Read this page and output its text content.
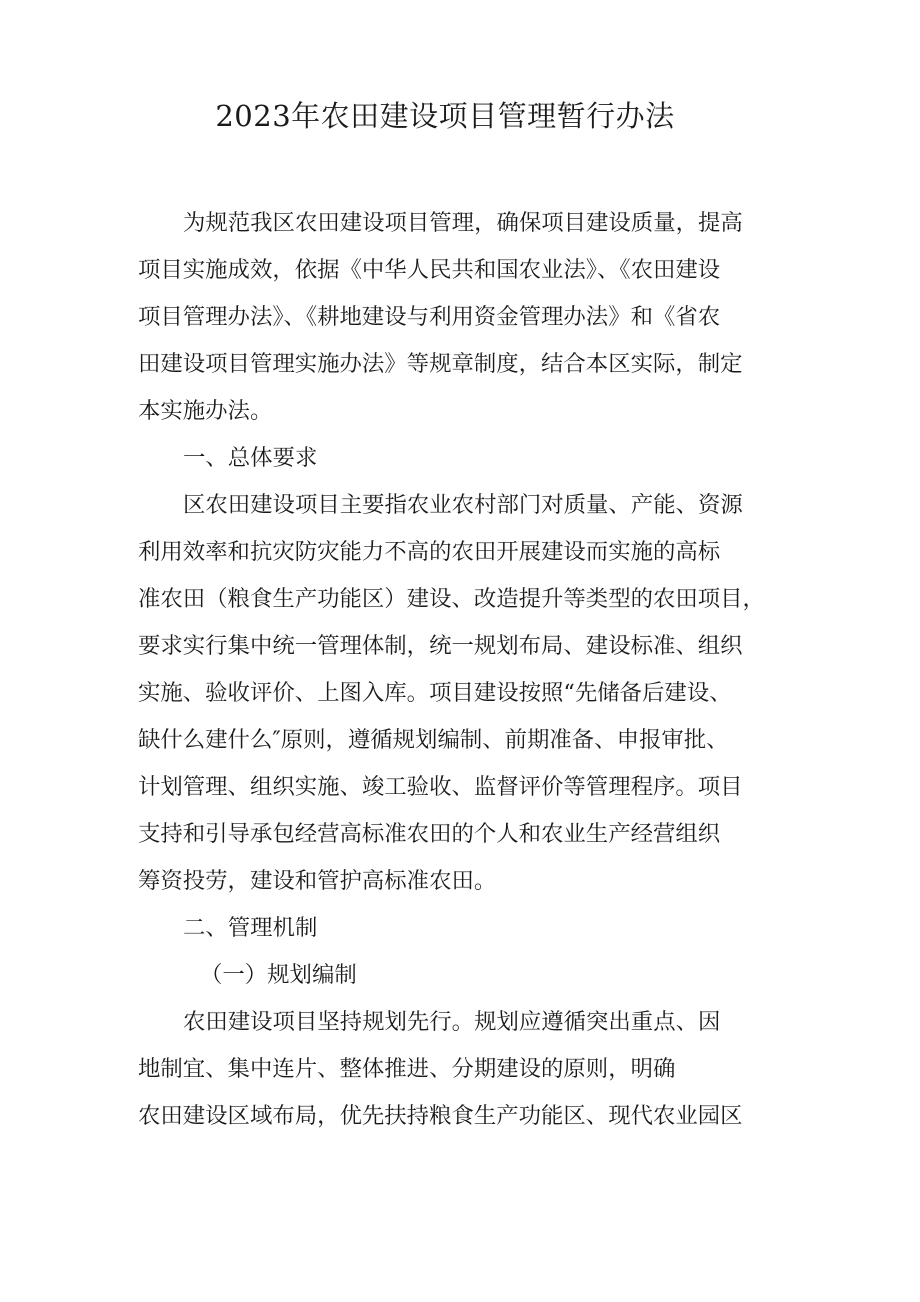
2023年农田建设项目管理暂行办法
为规范我区农田建设项目管理，确保项目建设质量，提高
项目实施成效，依据《中华人民共和国农业法》、《农田建设
项目管理办法》、《耕地建设与利用资金管理办法》和《省农
田建设项目管理实施办法》等规章制度，结合本区实际，制定
本实施办法。
一、总体要求
区农田建设项目主要指农业农村部门对质量、产能、资源
利用效率和抗灾防灾能力不高的农田开展建设而实施的高标
准农田（粮食生产功能区）建设、改造提升等类型的农田项目，
要求实行集中统一管理体制，统一规划布局、建设标准、组织
实施、验收评价、上图入库。项目建设按照“先储备后建设、
缺什么建什么″原则，遵循规划编制、前期准备、申报审批、
计划管理、组织实施、竣工验收、监督评价等管理程序。项目
支持和引导承包经营高标准农田的个人和农业生产经营组织
筹资投劳，建设和管护高标准农田。
二、管理机制
（一）规划编制
农田建设项目坚持规划先行。规划应遵循突出重点、因
地制宜、集中连片、整体推进、分期建设的原则，明确
农田建设区域布局，优先扶持粮食生产功能区、现代农业园区
